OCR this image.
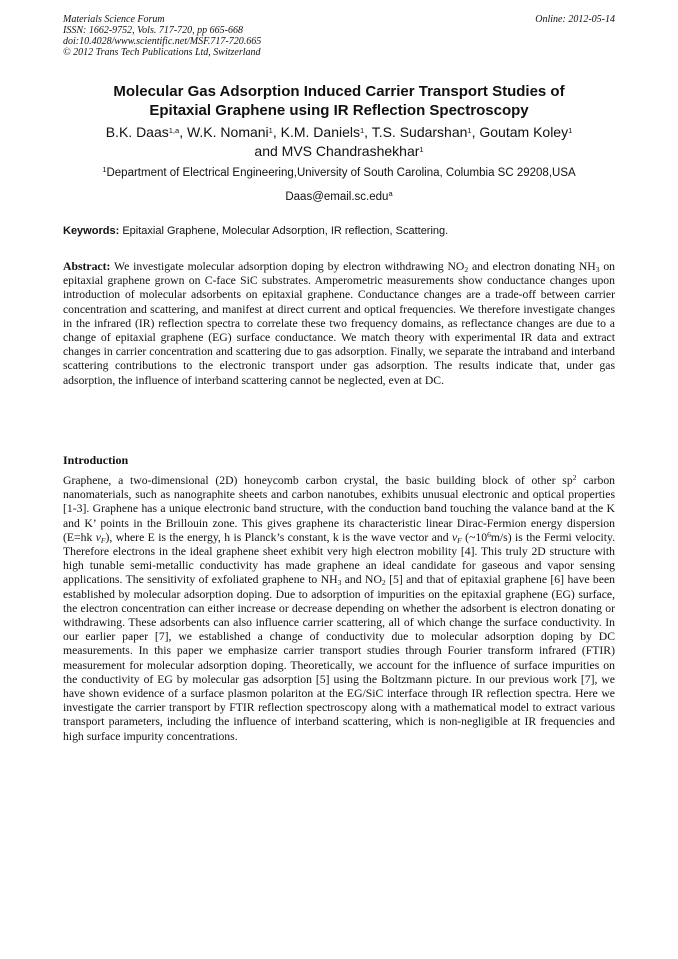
Materials Science Forum
ISSN: 1662-9752, Vols. 717-720, pp 665-668
doi:10.4028/www.scientific.net/MSF.717-720.665
© 2012 Trans Tech Publications Ltd, Switzerland
Online: 2012-05-14
Molecular Gas Adsorption Induced Carrier Transport Studies of
Epitaxial Graphene using IR Reflection Spectroscopy
B.K. Daas$^{1,a}$, W.K. Nomani$^1$, K.M. Daniels$^1$, T.S. Sudarshan$^1$, Goutam Koley$^1$
and MVS Chandrashekhar$^1$
$^1$Department of Electrical Engineering,University of South Carolina, Columbia SC 29208,USA
Daas@email.sc.edu$^a$
Keywords: Epitaxial Graphene, Molecular Adsorption, IR reflection, Scattering.
Abstract: We investigate molecular adsorption doping by electron withdrawing $NO_2$ and electron donating $NH_3$ on epitaxial graphene grown on C-face SiC substrates. Amperometric measurements show conductance changes upon introduction of molecular adsorbents on epitaxial graphene. Conductance changes are a trade-off between carrier concentration and scattering, and manifest at direct current and optical frequencies. We therefore investigate changes in the infrared (IR) reflection spectra to correlate these two frequency domains, as reflectance changes are due to a change of epitaxial graphene (EG) surface conductance. We match theory with experimental IR data and extract changes in carrier concentration and scattering due to gas adsorption. Finally, we separate the intraband and interband scattering contributions to the electronic transport under gas adsorption. The results indicate that, under gas adsorption, the influence of interband scattering cannot be neglected, even at DC.
Introduction
Graphene, a two-dimensional (2D) honeycomb carbon crystal, the basic building block of other $sp^2$ carbon nanomaterials, such as nanographite sheets and carbon nanotubes, exhibits unusual electronic and optical properties [1-3]. Graphene has a unique electronic band structure, with the conduction band touching the valance band at the K and K’ points in the Brillouin zone. This gives graphene its characteristic linear Dirac-Fermion energy dispersion (E=hk $v_F$), where E is the energy, h is Planck’s constant, k is the wave vector and $v_F$ $(\sim 10^6m/s)$ is the Fermi velocity. Therefore electrons in the ideal graphene sheet exhibit very high electron mobility [4]. This truly 2D structure with high tunable semi-metallic conductivity has made graphene an ideal candidate for gaseous and vapor sensing applications. The sensitivity of exfoliated graphene to $NH_3$ and $NO_2$ [5] and that of epitaxial graphene [6] have been established by molecular adsorption doping. Due to adsorption of impurities on the epitaxial graphene (EG) surface, the electron concentration can either increase or decrease depending on whether the adsorbent is electron donating or withdrawing. These adsorbents can also influence carrier scattering, all of which change the surface conductivity. In our earlier paper [7], we established a change of conductivity due to molecular adsorption doping by DC measurements. In this paper we emphasize carrier transport studies through Fourier transform infrared (FTIR) measurement for molecular adsorption doping. Theoretically, we account for the influence of surface impurities on the conductivity of EG by molecular gas adsorption [5] using the Boltzmann picture. In our previous work [7], we have shown evidence of a surface plasmon polariton at the EG/SiC interface through IR reflection spectra. Here we investigate the carrier transport by FTIR reflection spectroscopy along with a mathematical model to extract various transport parameters, including the influence of interband scattering, which is non-negligible at IR frequencies and high surface impurity concentrations.
